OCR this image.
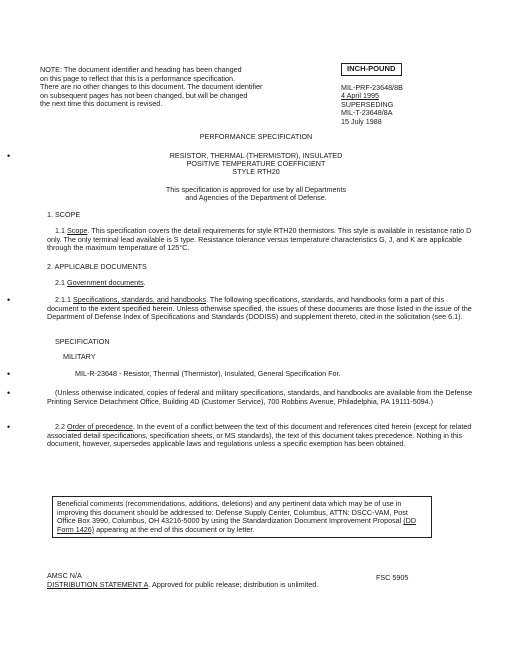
NOTE: The document identifier and heading has been changed
on this page to reflect that this is a performance specification.
There are no other changes to this document. The document identifier
on subsequent pages has not been changed, but will be changed
the next time this document is revised.
INCH-POUND
MIL-PRF-23648/8B
4 April 1995
SUPERSEDING
MIL-T-23648/8A
15 July 1988
PERFORMANCE SPECIFICATION
•	RESISTOR, THERMAL (THERMISTOR), INSULATED
POSITIVE TEMPERATURE COEFFICIENT
STYLE RTH20
This specification is approved for use by all Departments
and Agencies of the Department of Defense.
1. SCOPE

1.1 Scope. This specification covers the detail requirements for style RTH20 thermistors. This style is available in resistance ratio D only. The only terminal lead available is S type. Resistance tolerance versus temperature characteristics G, J, and K are applicable through the maximum temperature of 125°C.

2. APPLICABLE DOCUMENTS
2.1 Government documents.
•	2.1.1 Specifications, standards, and handbooks. The following specifications, standards, and handbooks form a part of this document to the extent specified herein. Unless otherwise specified, the issues of these documents are those listed in the issue of the Department of Defense Index of Specifications and Standards (DODISS) and supplement thereto, cited in the solicitation (see 6.1).

SPECIFICATION
MILITARY
•	MIL-R-23648 - Resistor, Thermal (Thermistor), Insulated, General Specification For.
•	(Unless otherwise indicated, copies of federal and military specifications, standards, and handbooks are available from the Defense Printing Service Detachment Office, Building 4D (Customer Service), 700 Robbins Avenue, Philadelphia, PA 19111-5094.)

•	2.2 Order of precedence. In the event of a conflict between the text of this document and references cited herein (except for related associated detail specifications, specification sheets, or MS standards), the text of this document takes precedence. Nothing in this document, however, supersedes applicable laws and regulations unless a specific exemption has been obtained.

Beneficial comments (recommendations, additions, deletions) and any pertinent data which may be of use in improving this document should be addressed to: Defense Supply Center, Columbus, ATTN: DSCC-VAM, Post Office Box 3990, Columbus, OH 43216-5000 by using the Standardization Document Improvement Proposal (DD Form 1426) appearing at the end of this document or by letter.
AMSC N/A
DISTRIBUTION STATEMENT A. Approved for public release; distribution is unlimited.
FSC 5905
